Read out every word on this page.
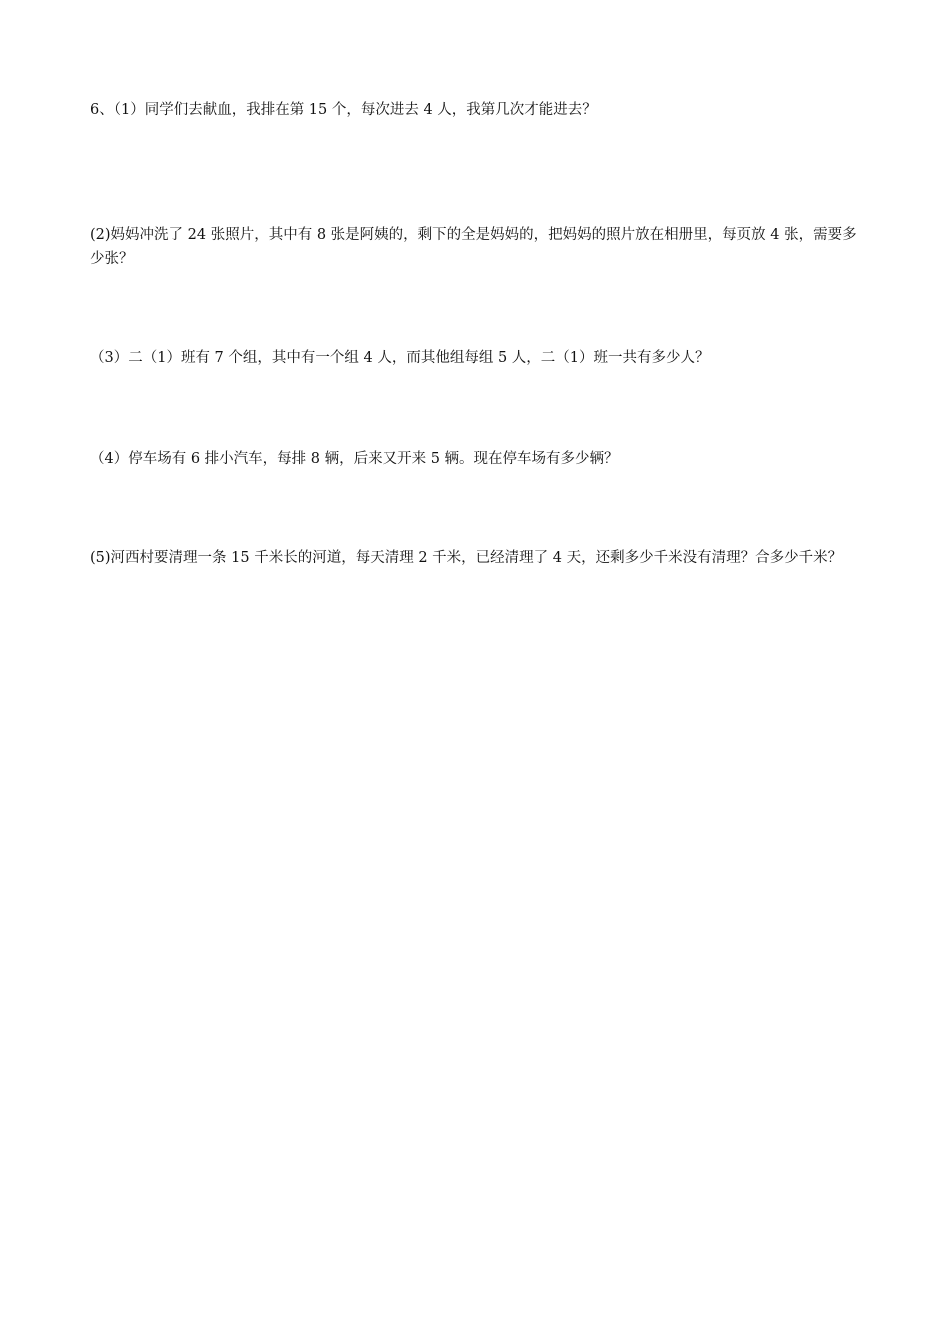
6、（1）同学们去献血，我排在第 15 个，每次进去 4 人，我第几次才能进去？

(2)妈妈冲洗了 24 张照片，其中有 8 张是阿姨的，剩下的全是妈妈的，把妈妈的照片放在相册里，每页放 4 张，需要多少张？

（3）二（1）班有 7 个组，其中有一个组 4 人，而其他组每组 5 人，二（1）班一共有多少人？

（4）停车场有 6 排小汽车，每排 8 辆，后来又开来 5 辆。现在停车场有多少辆？

(5)河西村要清理一条 15 千米长的河道，每天清理 2 千米，已经清理了 4 天，还剩多少千米没有清理？合多少千米？
